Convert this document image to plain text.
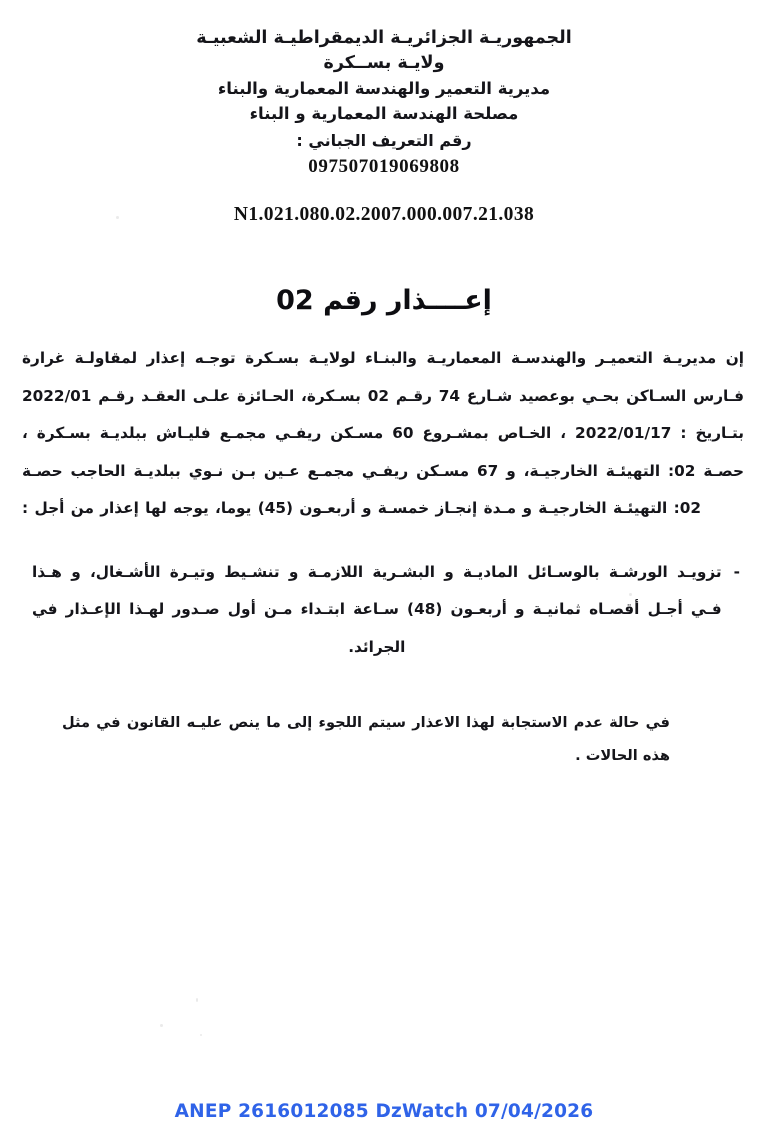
الجمهوريـة الجزائريـة الديمقراطيـة الشعبيـة
ولايـة بســكرة
مديرية التعمير والهندسة المعمارية والبناء
مصلحة الهندسة المعمارية و البناء
رقم التعريف الجباني :
097507019069808
N1.021.080.02.2007.000.007.21.038
إعــــذار رقم 02

إن مديريـة التعميـر والهندسـة المعماريـة والبنـاء لولايـة بسـكرة توجـه إعذار لمقاولـة غرارة فـارس السـاكن بحـي بوعصيد شـارع 74 رقـم 02 بسـكرة، الحـائزة علـى العقـد رقـم 2022/01 بتـاريخ : 2022/01/17 ، الخـاص بمشـروع 60 مسـكن ريفـي مجمـع فليـاش ببلديـة بسـكرة ، حصـة 02: التهيئـة الخارجيـة، و 67 مسـكن ريفـي مجمـع عـين بـن نـوي ببلديـة الحاجب حصـة 02: التهيئـة الخارجيـة و مـدة إنجـاز خمسـة و أربعـون (45) يوما، يوجه لها إعذار من أجل :

-
تزويـد الورشـة بالوسـائل الماديـة و البشـرية اللازمـة و تنشـيط وتيـرة الأشـغال، و هـذا فـي أجـل أقصـاه ثمانيـة و أربعـون (48) سـاعة ابتـداء مـن أول صـدور لهـذا الإعـذار في الجرائد.

في حالة عدم الاستجابة لهذا الاعذار سيتم اللجوء إلى ما ينص عليـه القانون في مثل هذه الحالات .

ANEP 2616012085 DzWatch 07/04/2026
